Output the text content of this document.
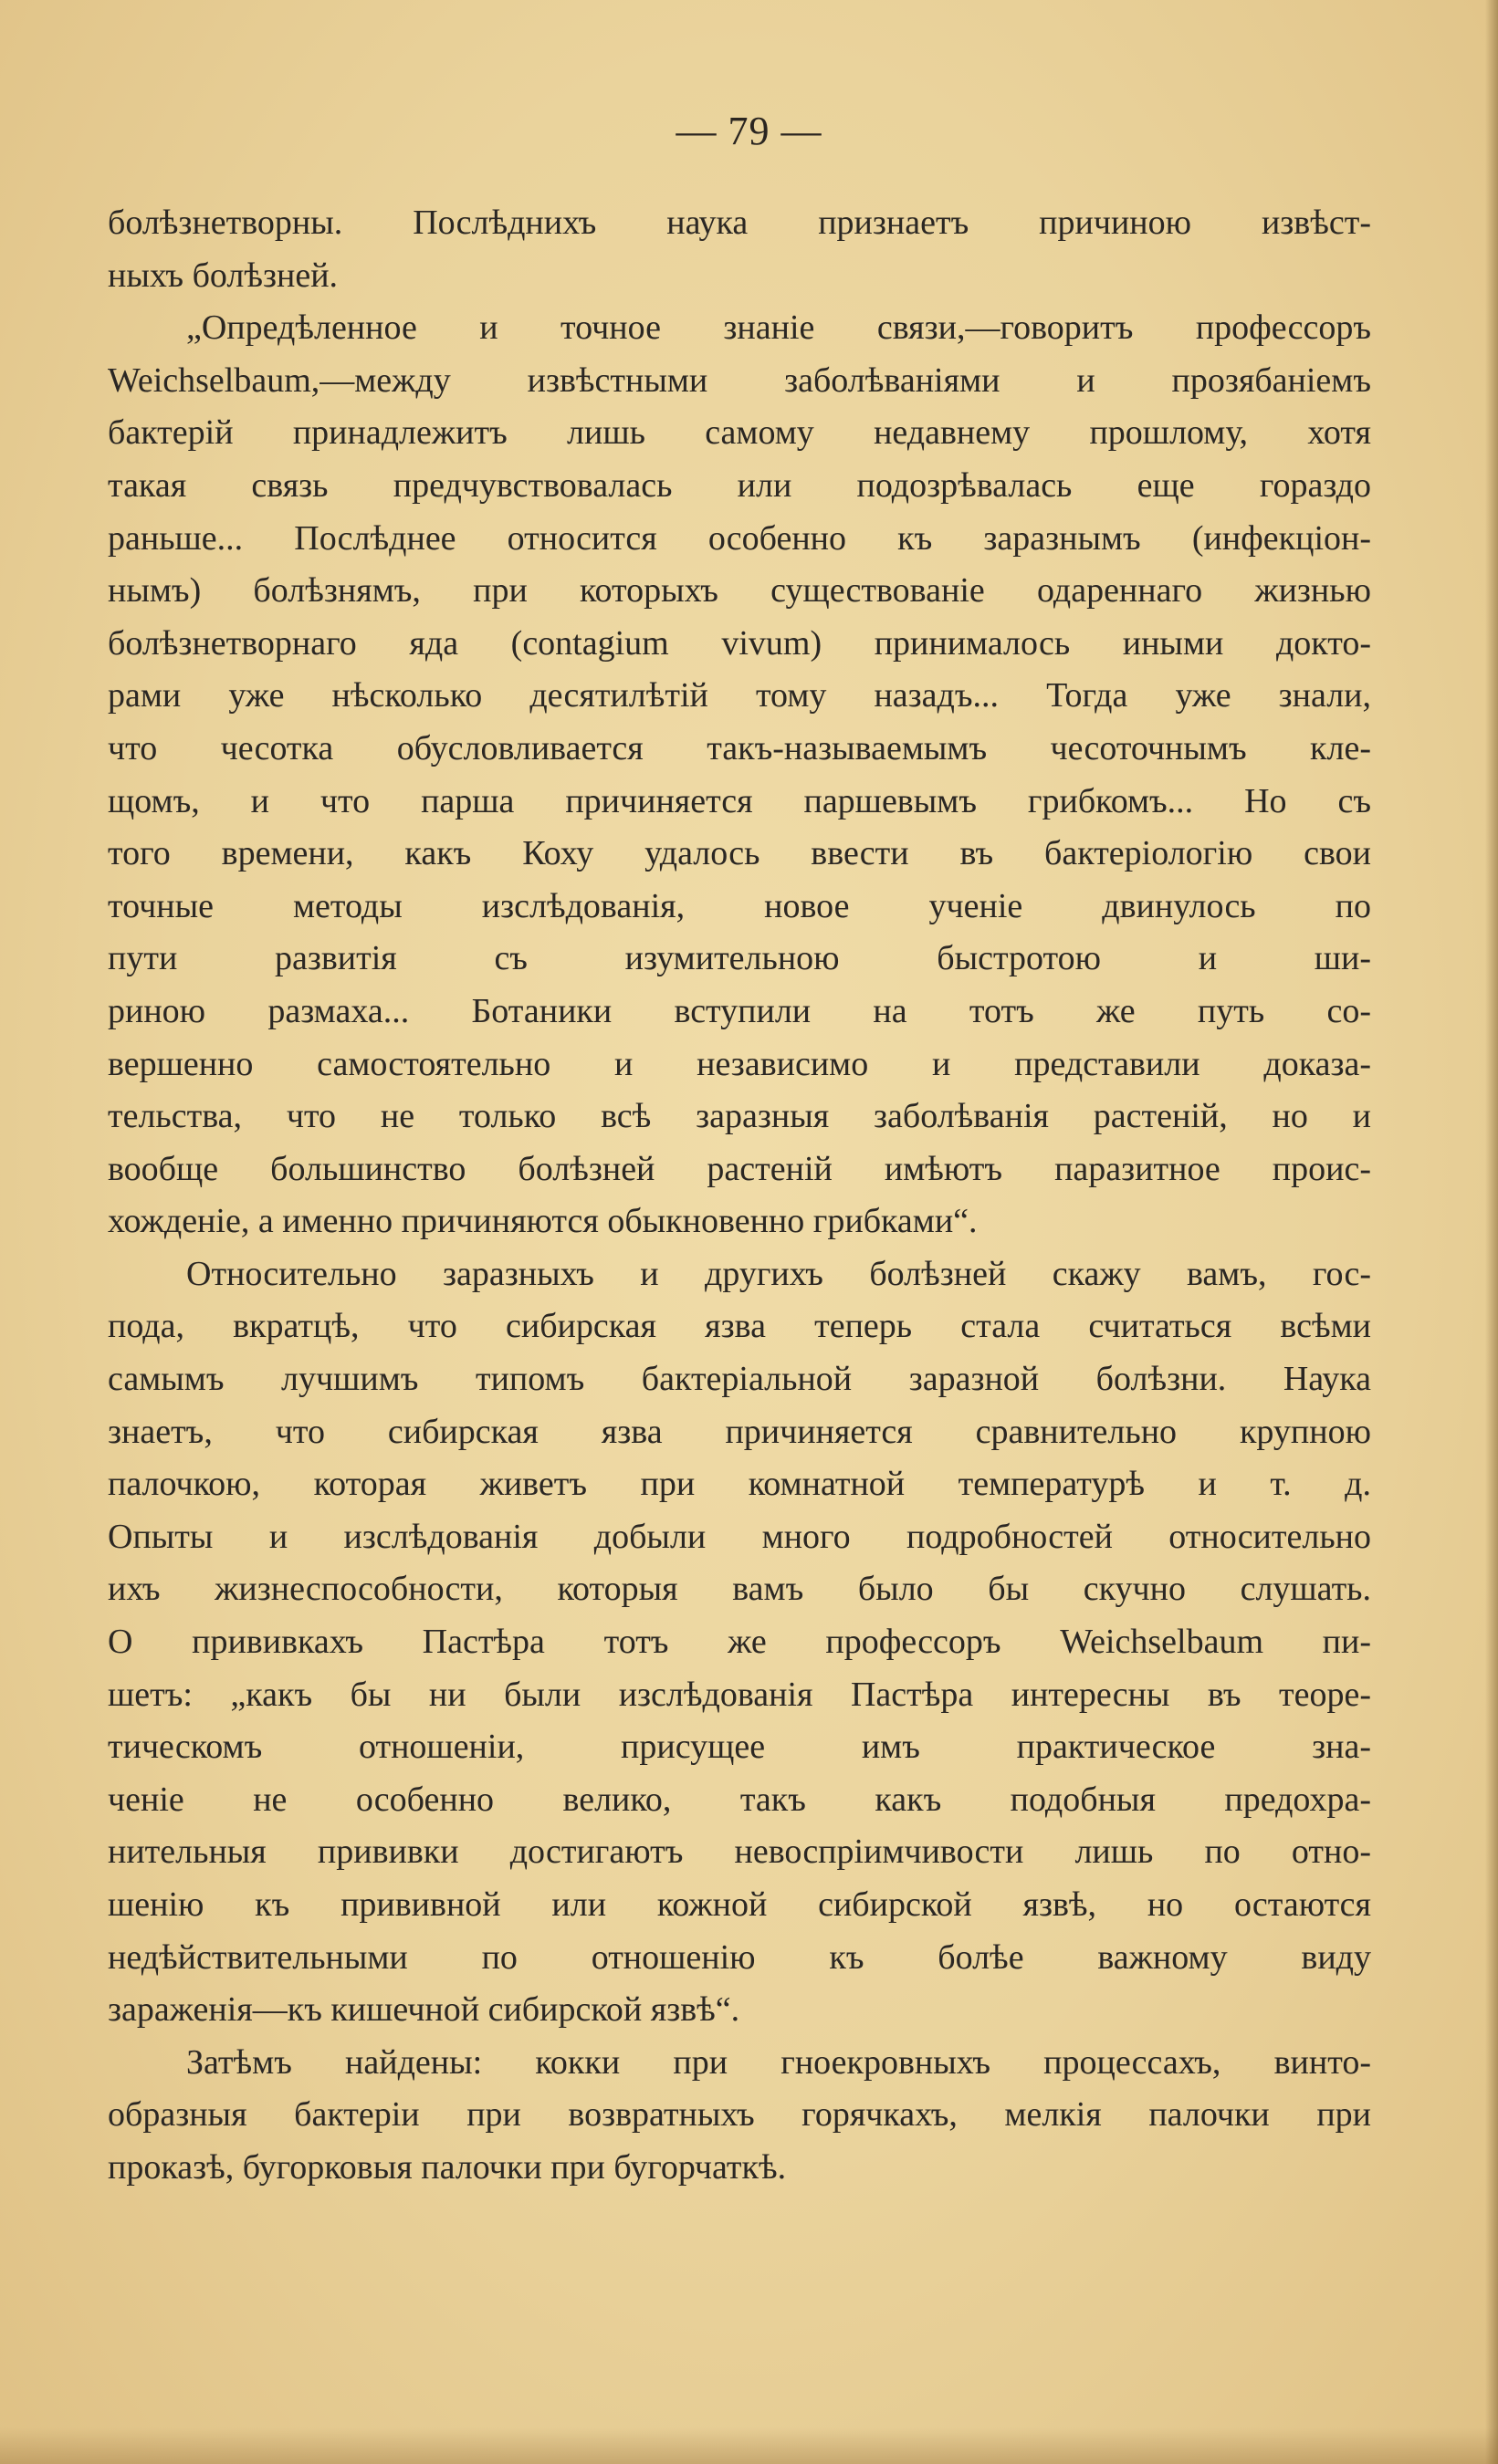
— 79 —

болѣзнетворны. Послѣднихъ наука признаетъ причиною извѣст-
ныхъ болѣзней.

„Опредѣленное и точное знаніе связи,—говоритъ профессоръ
Weichselbaum,—между извѣстными заболѣваніями и прозябаніемъ
бактерій принадлежитъ лишь самому недавнему прошлому, хотя
такая связь предчувствовалась или подозрѣвалась еще гораздо
раньше... Послѣднее относится особенно къ заразнымъ (инфекціон-
нымъ) болѣзнямъ, при которыхъ существованіе одареннаго жизнью
болѣзнетворнаго яда (contagium vivum) принималось иными докто-
рами уже нѣсколько десятилѣтій тому назадъ... Тогда уже знали,
что чесотка обусловливается такъ-называемымъ чесоточнымъ кле-
щомъ, и что парша причиняется паршевымъ грибкомъ... Но съ
того времени, какъ Коху удалось ввести въ бактеріологію свои
точные методы изслѣдованія, новое ученіе двинулось по
пути развитія съ изумительною быстротою и ши-
риною размаха... Ботаники вступили на тотъ же путь со-
вершенно самостоятельно и независимо и представили доказа-
тельства, что не только всѣ заразныя заболѣванія растеній, но и
вообще большинство болѣзней растеній имѣютъ паразитное проис-
хожденіе, а именно причиняются обыкновенно грибками“.

Относительно заразныхъ и другихъ болѣзней скажу вамъ, гос-
пода, вкратцѣ, что сибирская язва теперь стала считаться всѣми
самымъ лучшимъ типомъ бактеріальной заразной болѣзни. Наука
знаетъ, что сибирская язва причиняется сравнительно крупною
палочкою, которая живетъ при комнатной температурѣ и т. д.
Опыты и изслѣдованія добыли много подробностей относительно
ихъ жизнеспособности, которыя вамъ было бы скучно слушать.
О прививкахъ Пастѣра тотъ же профессоръ Weichselbaum пи-
шетъ: „какъ бы ни были изслѣдованія Пастѣра интересны въ теоре-
тическомъ отношеніи, присущее имъ практическое зна-
ченіе не особенно велико, такъ какъ подобныя предохра-
нительныя прививки достигаютъ невоспріимчивости лишь по отно-
шенію къ прививной или кожной сибирской язвѣ, но остаются
недѣйствительными по отношенію къ болѣе важному виду
зараженія—къ кишечной сибирской язвѣ“.

Затѣмъ найдены: кокки при гноекровныхъ процессахъ, винто-
образныя бактеріи при возвратныхъ горячкахъ, мелкія палочки при
проказѣ, бугорковыя палочки при бугорчаткѣ.
